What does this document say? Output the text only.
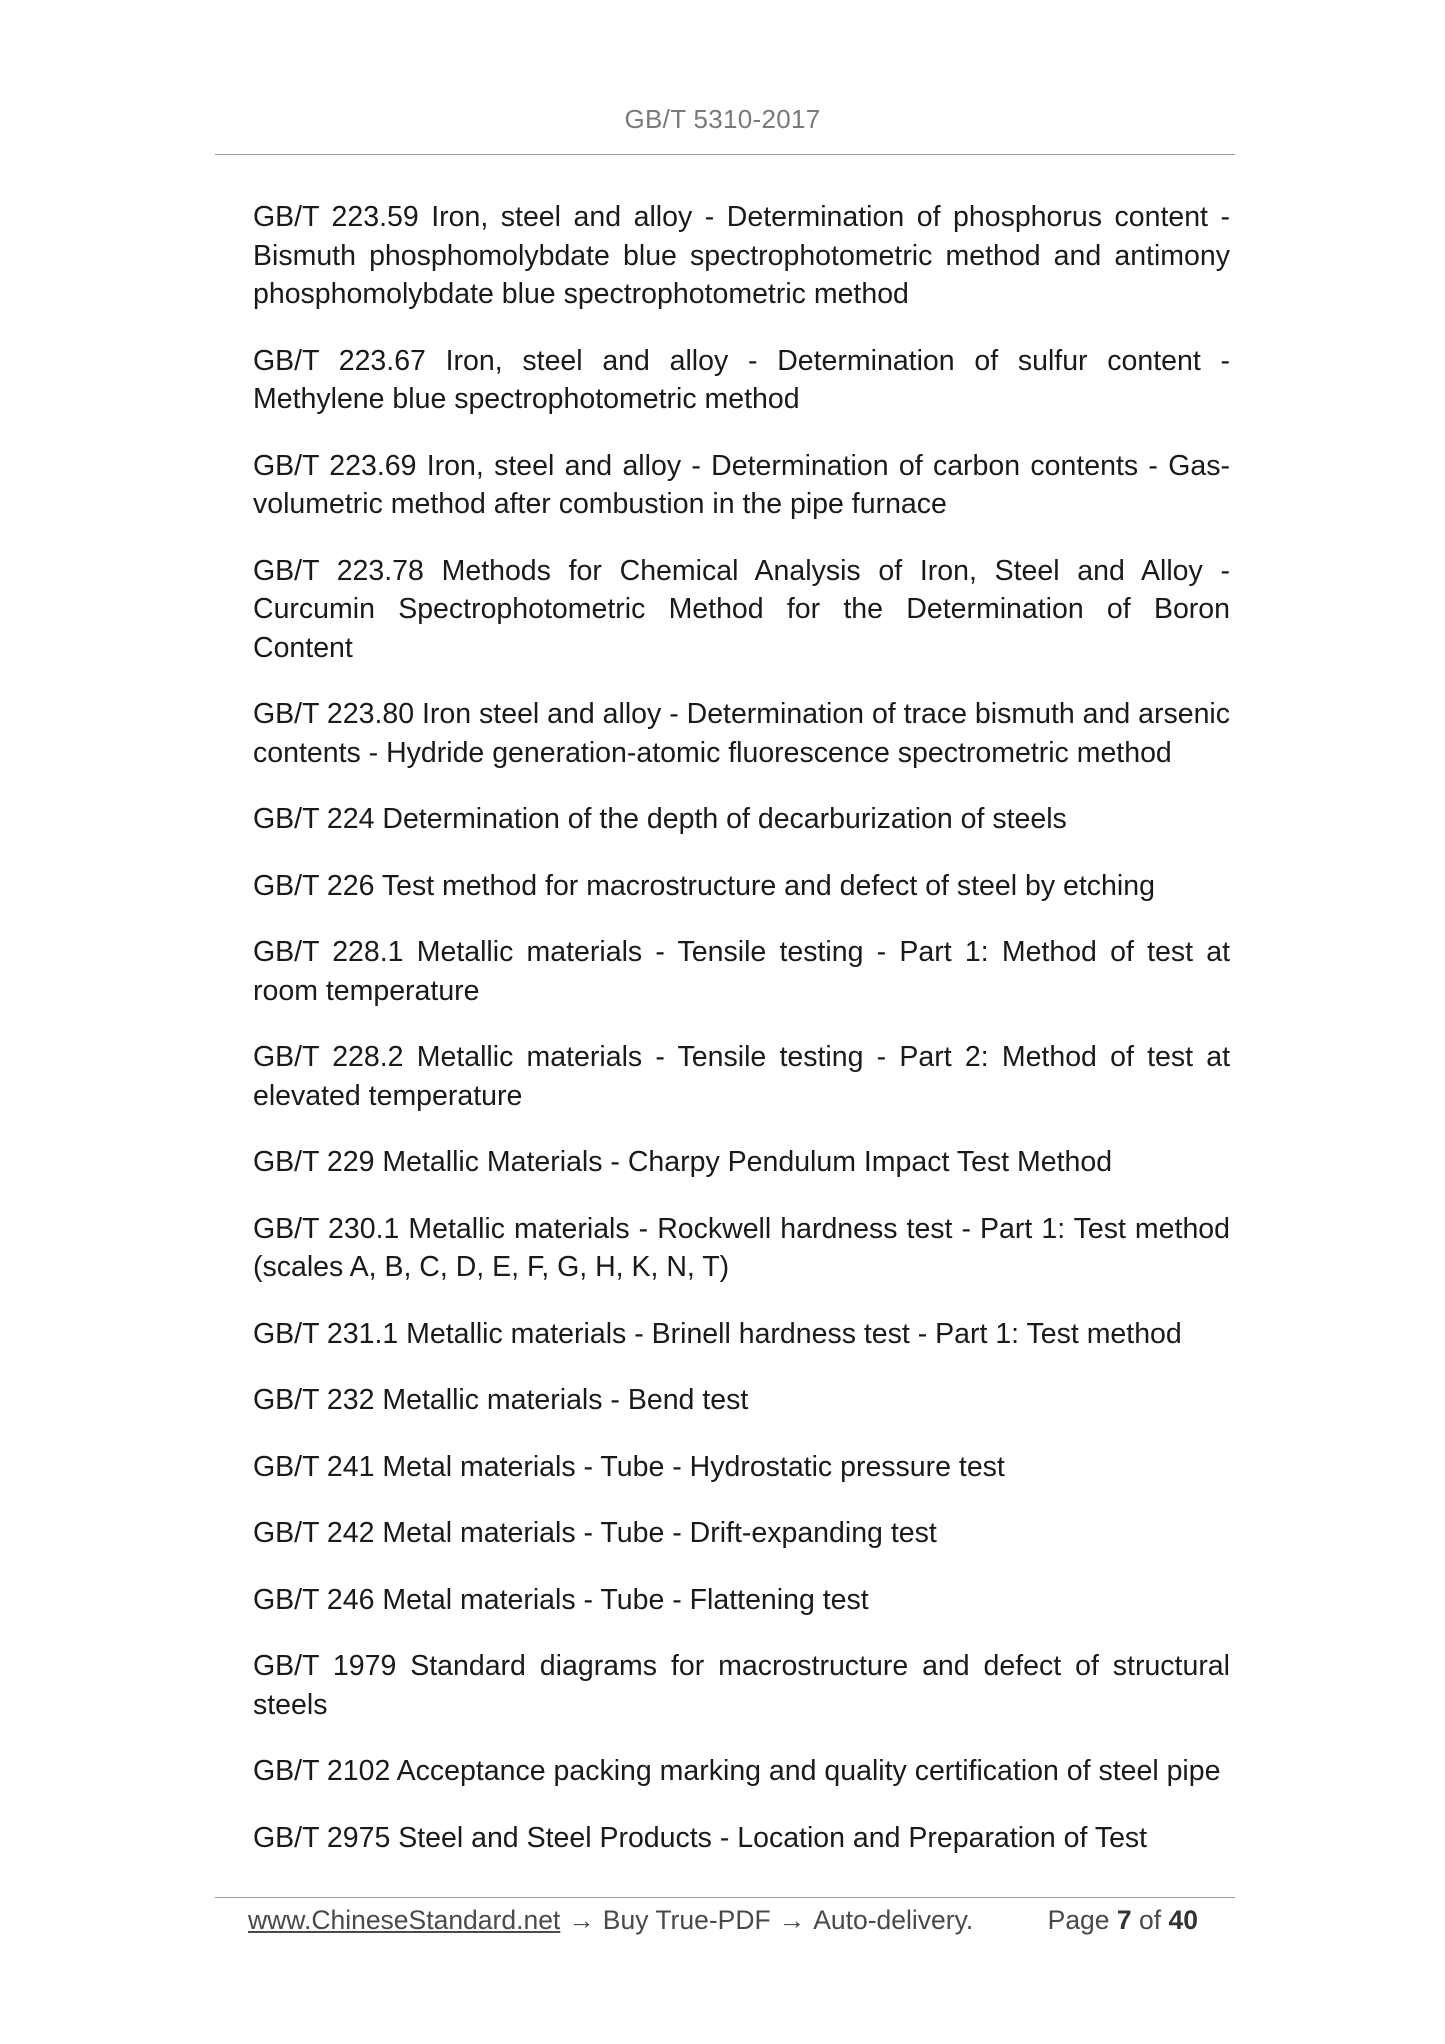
GB/T 5310-2017

GB/T 223.59 Iron, steel and alloy - Determination of phosphorus content - Bismuth phosphomolybdate blue spectrophotometric method and antimony phosphomolybdate blue spectrophotometric method

GB/T 223.67 Iron, steel and alloy - Determination of sulfur content - Methylene blue spectrophotometric method

GB/T 223.69 Iron, steel and alloy - Determination of carbon contents - Gas-volumetric method after combustion in the pipe furnace

GB/T 223.78 Methods for Chemical Analysis of Iron, Steel and Alloy - Curcumin Spectrophotometric Method for the Determination of Boron Content

GB/T 223.80 Iron steel and alloy - Determination of trace bismuth and arsenic contents - Hydride generation-atomic fluorescence spectrometric method

GB/T 224 Determination of the depth of decarburization of steels

GB/T 226 Test method for macrostructure and defect of steel by etching

GB/T 228.1 Metallic materials - Tensile testing - Part 1: Method of test at room temperature

GB/T 228.2 Metallic materials - Tensile testing - Part 2: Method of test at elevated temperature

GB/T 229 Metallic Materials - Charpy Pendulum Impact Test Method

GB/T 230.1 Metallic materials - Rockwell hardness test - Part 1: Test method (scales A, B, C, D, E, F, G, H, K, N, T)

GB/T 231.1 Metallic materials - Brinell hardness test - Part 1: Test method

GB/T 232 Metallic materials - Bend test

GB/T 241 Metal materials - Tube - Hydrostatic pressure test

GB/T 242 Metal materials - Tube - Drift-expanding test

GB/T 246 Metal materials - Tube - Flattening test

GB/T 1979 Standard diagrams for macrostructure and defect of structural steels

GB/T 2102 Acceptance packing marking and quality certification of steel pipe

GB/T 2975 Steel and Steel Products - Location and Preparation of Test

www.ChineseStandard.net → Buy True-PDF → Auto-delivery.	Page 7 of 40
